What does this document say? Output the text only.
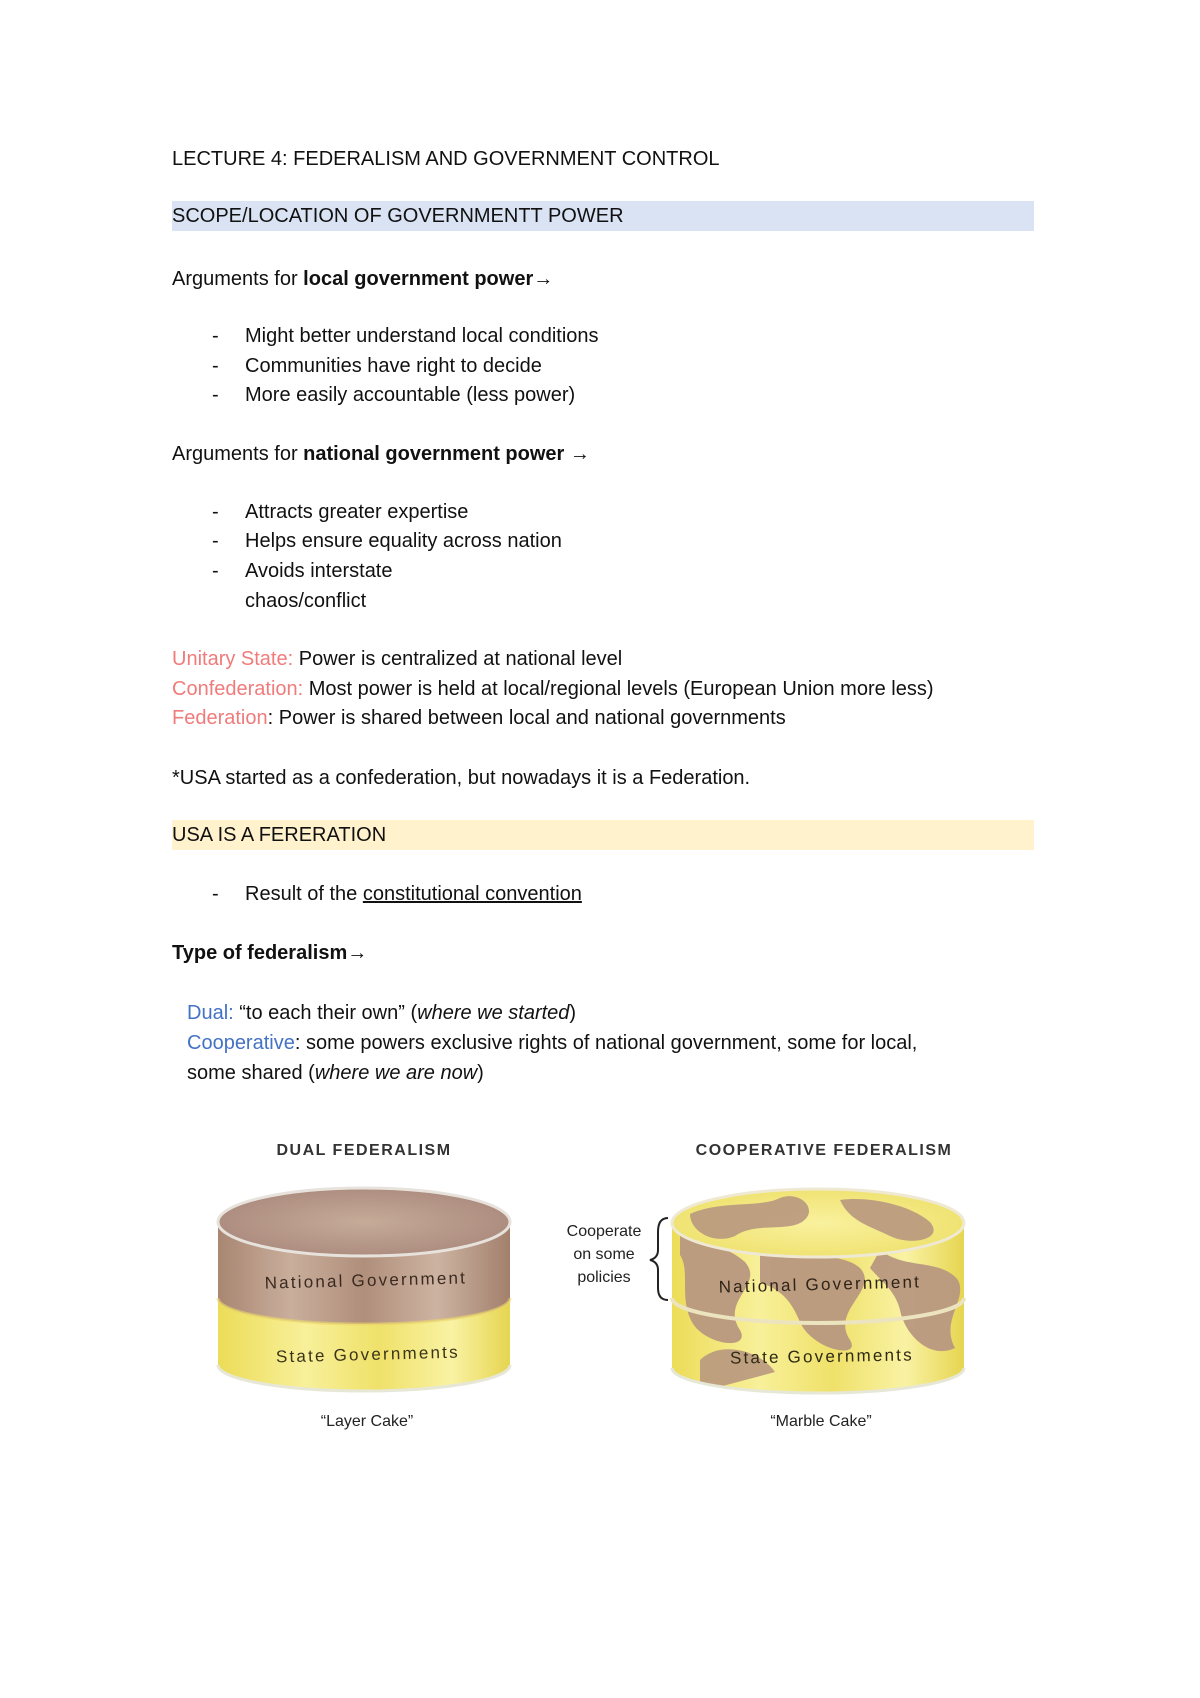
LECTURE 4: FEDERALISM AND GOVERNMENT CONTROL
SCOPE/LOCATION OF GOVERNMENTT POWER
Arguments for local government power→
- Might better understand local conditions
- Communities have right to decide
- More easily accountable (less power)
Arguments for national government power →
- Attracts greater expertise
- Helps ensure equality across nation
- Avoids interstate
chaos/conflict
Unitary State: Power is centralized at national level
Confederation: Most power is held at local/regional levels (European Union more less)
Federation: Power is shared between local and national governments
*USA started as a confederation, but nowadays it is a Federation.
USA IS A FERERATION
- Result of the constitutional convention
Type of federalism→
Dual: “to each their own” (where we started)
Cooperative: some powers exclusive rights of national government, some for local,
some shared (where we are now)
DUAL FEDERALISM
National Government
State Governments
“Layer Cake”
COOPERATIVE FEDERALISM
Cooperate
on some
policies	National Government
State Governments
“Marble Cake”
